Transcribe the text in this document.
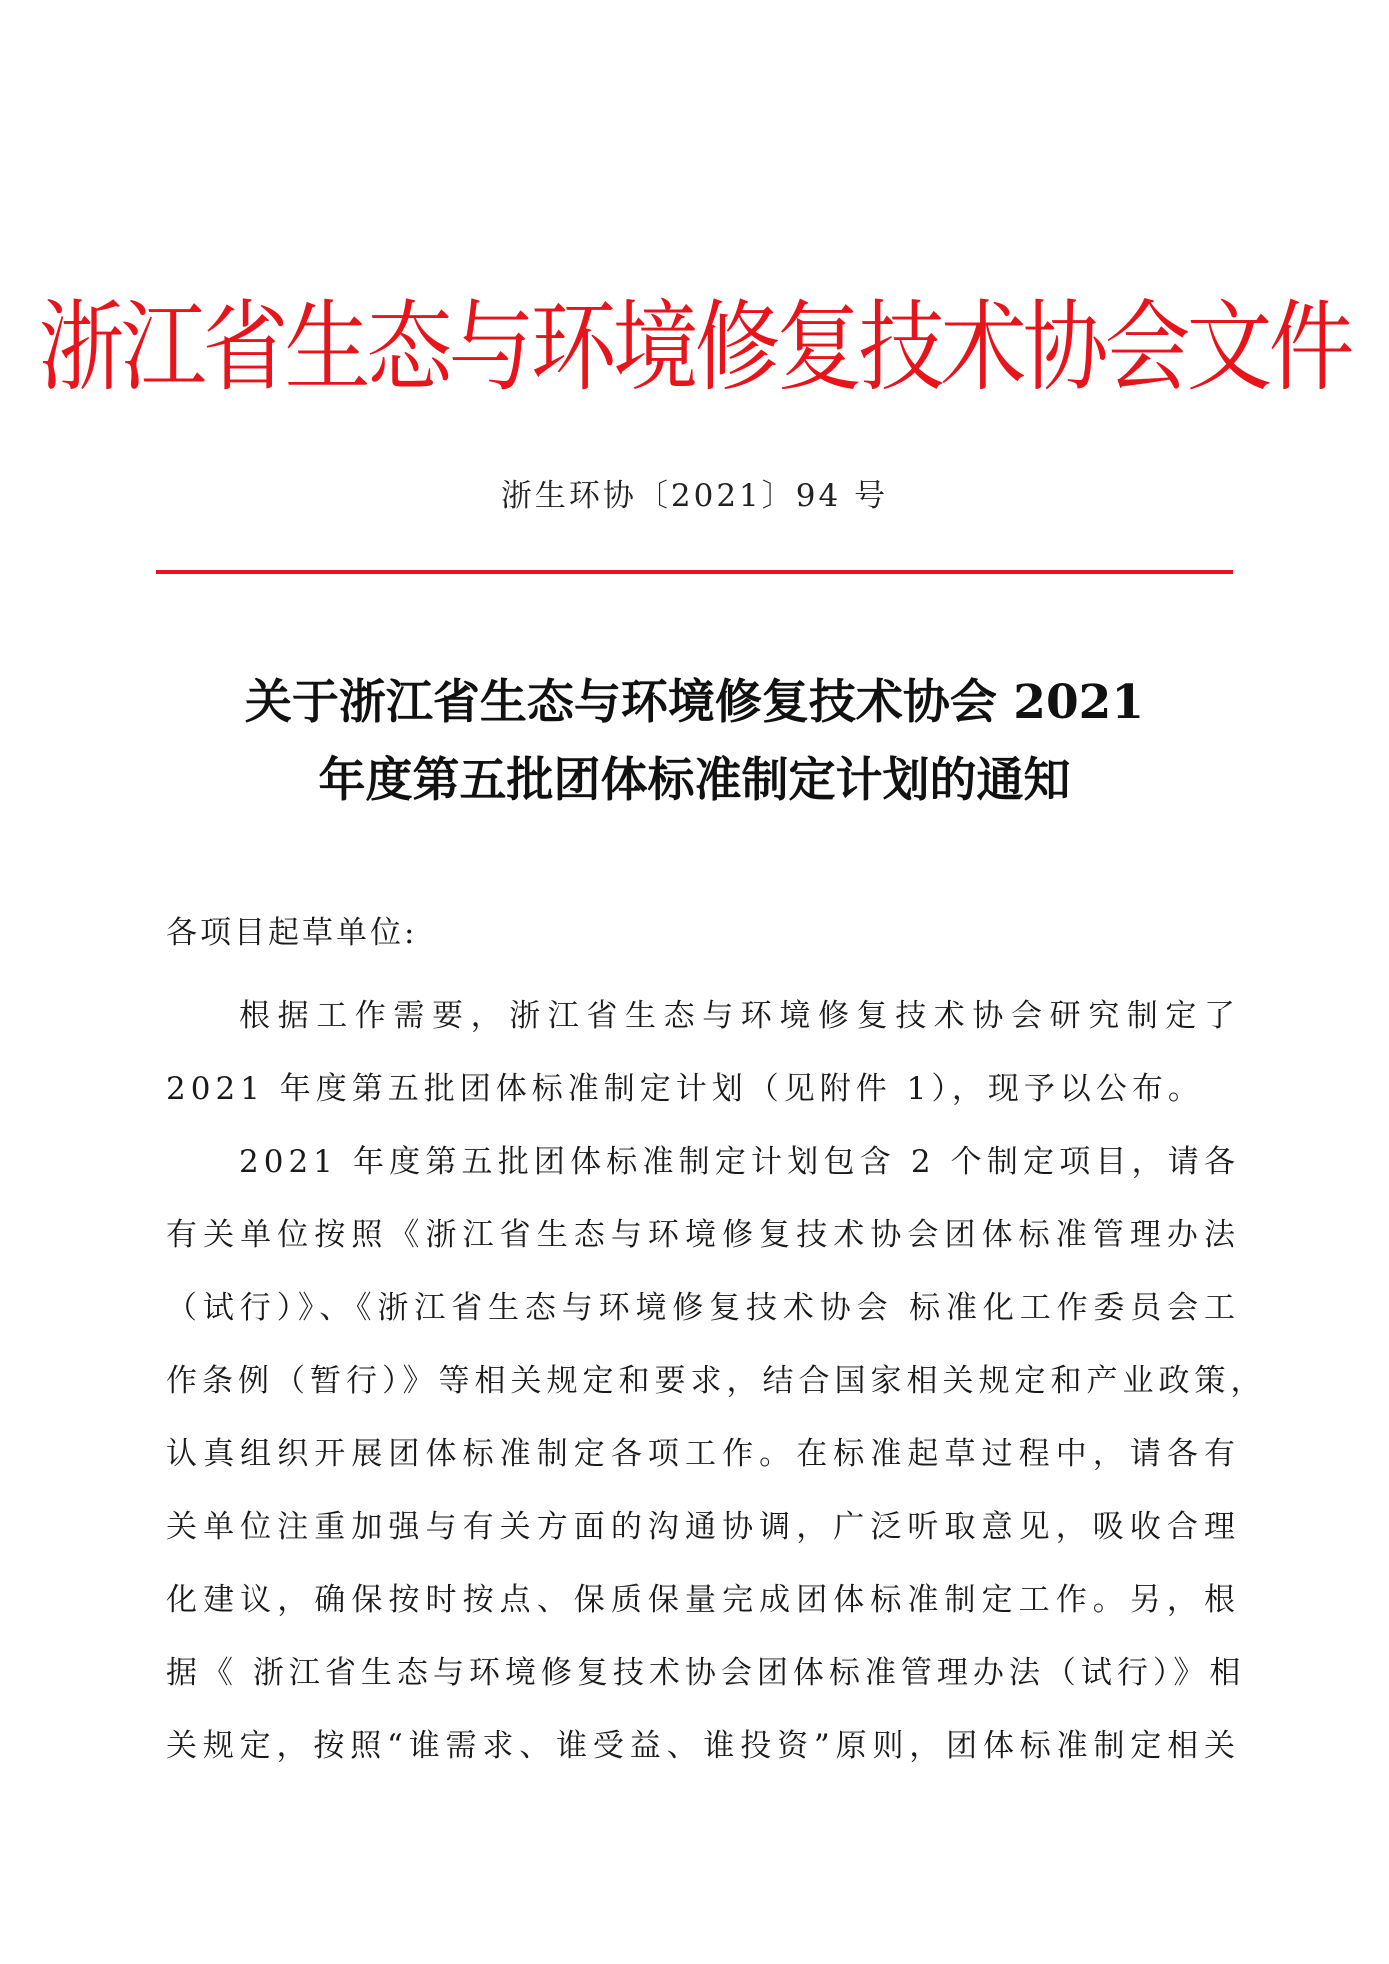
浙江省生态与环境修复技术协会文件
浙生环协〔2021〕94 号
关于浙江省生态与环境修复技术协会 2021
年度第五批团体标准制定计划的通知
各项目起草单位:
根据工作需要，浙江省生态与环境修复技术协会研究制定了
2021 年度第五批团体标准制定计划（见附件 1），现予以公布。
2021 年度第五批团体标准制定计划包含 2 个制定项目，请各
有关单位按照《浙江省生态与环境修复技术协会团体标准管理办法
（试行）》、《浙江省生态与环境修复技术协会 标准化工作委员会工
作条例（暂行）》等相关规定和要求，结合国家相关规定和产业政策，
认真组织开展团体标准制定各项工作。在标准起草过程中，请各有
关单位注重加强与有关方面的沟通协调，广泛听取意见，吸收合理
化建议，确保按时按点、保质保量完成团体标准制定工作。另，根
据《 浙江省生态与环境修复技术协会团体标准管理办法（试行）》相
关规定，按照“谁需求、谁受益、谁投资”原则，团体标准制定相关
